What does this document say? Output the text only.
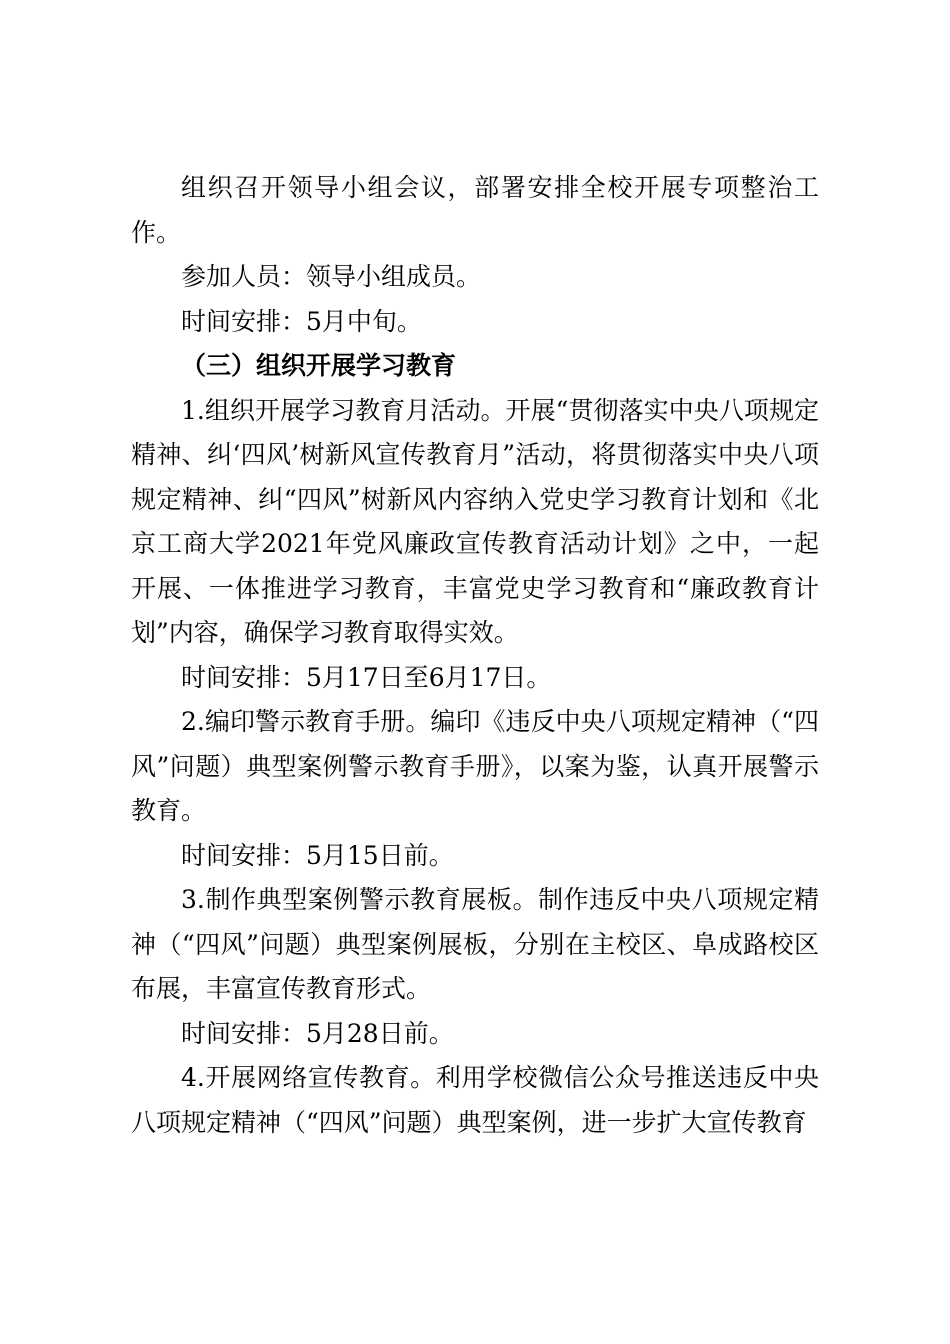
组织召开领导小组会议，部署安排全校开展专项整治工作。

参加人员：领导小组成员。

时间安排：5月中旬。

（三）组织开展学习教育

1.组织开展学习教育月活动。开展“贯彻落实中央八项规定精神、纠‘四风’树新风宣传教育月”活动，将贯彻落实中央八项规定精神、纠“四风”树新风内容纳入党史学习教育计划和《北京工商大学2021年党风廉政宣传教育活动计划》之中，一起开展、一体推进学习教育，丰富党史学习教育和“廉政教育计划”内容，确保学习教育取得实效。

时间安排：5月17日至6月17日。

2.编印警示教育手册。编印《违反中央八项规定精神（“四风”问题）典型案例警示教育手册》，以案为鉴，认真开展警示教育。

时间安排：5月15日前。

3.制作典型案例警示教育展板。制作违反中央八项规定精神（“四风”问题）典型案例展板，分别在主校区、阜成路校区布展，丰富宣传教育形式。

时间安排：5月28日前。

4.开展网络宣传教育。利用学校微信公众号推送违反中央八项规定精神（“四风”问题）典型案例，进一步扩大宣传教育
